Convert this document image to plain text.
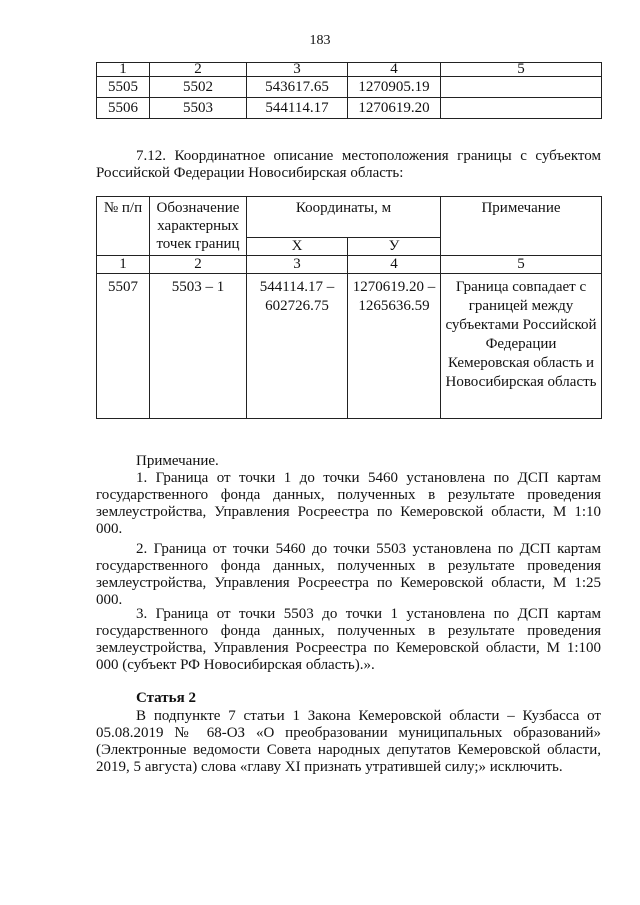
183
1	2	3	4	5
5505	5502	543617.65	1270905.19	
5506	5503	544114.17	1270619.20	
7.12. Координатное описание местоположения границы с субъектом Российской Федерации Новосибирская область:
№ п/п	Обозначение характерных точек границ	Координаты, м		Примечание
		Х	У	
1	2	3	4	5
5507	5503 – 1	544114.17 – 602726.75	1270619.20 – 1265636.59	Граница совпадает с границей между субъектами Российской Федерации Кемеровская область и Новосибирская область
Примечание.
1. Граница от точки 1 до точки 5460 установлена по ДСП картам государственного фонда данных, полученных в результате проведения землеустройства, Управления Росреестра по Кемеровской области, М 1:10 000.
2. Граница от точки 5460 до точки 5503 установлена по ДСП картам государственного фонда данных, полученных в результате проведения землеустройства, Управления Росреестра по Кемеровской области, М 1:25 000.
3. Граница от точки 5503 до точки 1 установлена по ДСП картам государственного фонда данных, полученных в результате проведения землеустройства, Управления Росреестра по Кемеровской области, М 1:100 000 (субъект РФ Новосибирская область).».
Статья 2
В подпункте 7 статьи 1 Закона Кемеровской области – Кузбасса от 05.08.2019 № 68-ОЗ «О преобразовании муниципальных образований» (Электронные ведомости Совета народных депутатов Кемеровской области, 2019, 5 августа) слова «главу XI признать утратившей силу;» исключить.
